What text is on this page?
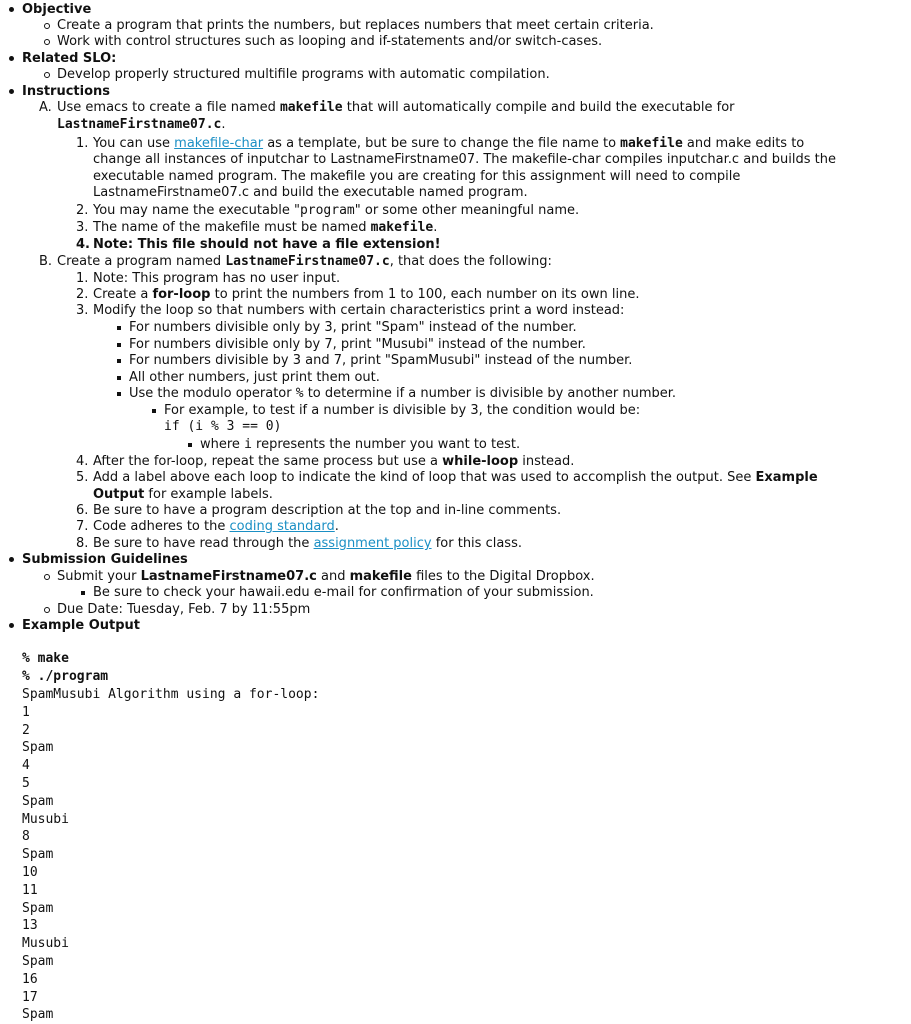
Objective
Create a program that prints the numbers, but replaces numbers that meet certain criteria.
Work with control structures such as looping and if-statements and/or switch-cases.
Related SLO:
Develop properly structured multifile programs with automatic compilation.
Instructions
A. Use emacs to create a file named makefile that will automatically compile and build the executable for
LastnameFirstname07.c.
1. You can use makefile-char as a template, but be sure to change the file name to makefile and make edits to
change all instances of inputchar to LastnameFirstname07. The makefile-char compiles inputchar.c and builds the
executable named program. The makefile you are creating for this assignment will need to compile
LastnameFirstname07.c and build the executable named program.
2. You may name the executable "program" or some other meaningful name.
3. The name of the makefile must be named makefile.
4. Note: This file should not have a file extension!
B. Create a program named LastnameFirstname07.c, that does the following:
1. Note: This program has no user input.
2. Create a for-loop to print the numbers from 1 to 100, each number on its own line.
3. Modify the loop so that numbers with certain characteristics print a word instead:
For numbers divisible only by 3, print "Spam" instead of the number.
For numbers divisible only by 7, print "Musubi" instead of the number.
For numbers divisible by 3 and 7, print "SpamMusubi" instead of the number.
All other numbers, just print them out.
Use the modulo operator % to determine if a number is divisible by another number.
For example, to test if a number is divisible by 3, the condition would be:
if (i % 3 == 0)
where i represents the number you want to test.
4. After the for-loop, repeat the same process but use a while-loop instead.
5. Add a label above each loop to indicate the kind of loop that was used to accomplish the output. See Example
Output for example labels.
6. Be sure to have a program description at the top and in-line comments.
7. Code adheres to the coding standard.
8. Be sure to have read through the assignment policy for this class.
Submission Guidelines
Submit your LastnameFirstname07.c and makefile files to the Digital Dropbox.
Be sure to check your hawaii.edu e-mail for confirmation of your submission.
Due Date: Tuesday, Feb. 7 by 11:55pm
Example Output
% make
% ./program
SpamMusubi Algorithm using a for-loop:
1
2
Spam
4
5
Spam
Musubi
8
Spam
10
11
Spam
13
Musubi
Spam
16
17
Spam
